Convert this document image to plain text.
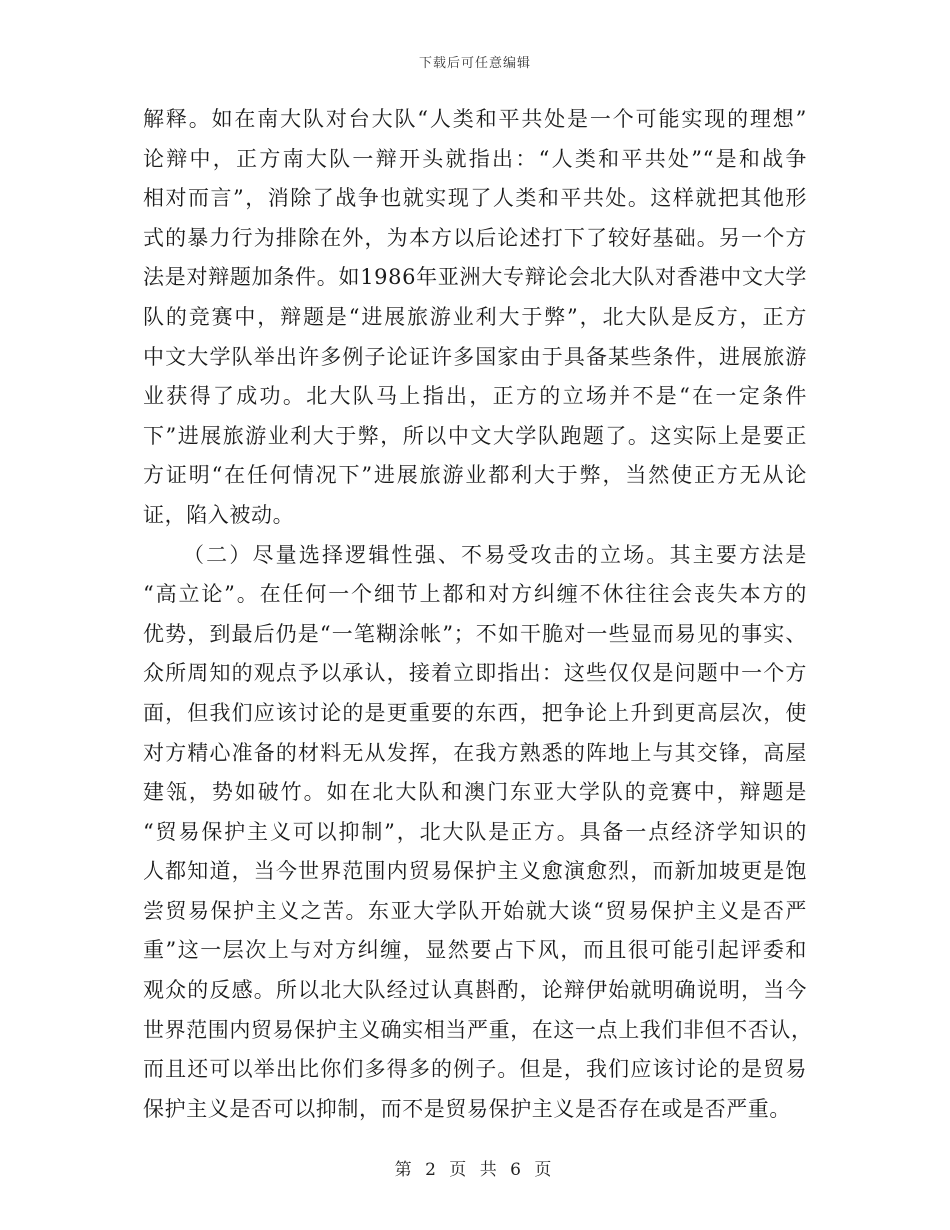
下载后可任意编辑
解释。如在南大队对台大队“人类和平共处是一个可能实现的理想”
论辩中，正方南大队一辩开头就指出：“人类和平共处”“是和战争
相对而言”，消除了战争也就实现了人类和平共处。这样就把其他形
式的暴力行为排除在外，为本方以后论述打下了较好基础。另一个方
法是对辩题加条件。如1986年亚洲大专辩论会北大队对香港中文大学
队的竞赛中，辩题是“进展旅游业利大于弊”，北大队是反方，正方
中文大学队举出许多例子论证许多国家由于具备某些条件，进展旅游
业获得了成功。北大队马上指出，正方的立场并不是“在一定条件
下”进展旅游业利大于弊，所以中文大学队跑题了。这实际上是要正
方证明“在任何情况下”进展旅游业都利大于弊，当然使正方无从论
证，陷入被动。
（二）尽量选择逻辑性强、不易受攻击的立场。其主要方法是
“高立论”。在任何一个细节上都和对方纠缠不休往往会丧失本方的
优势，到最后仍是“一笔糊涂帐”；不如干脆对一些显而易见的事实、
众所周知的观点予以承认，接着立即指出：这些仅仅是问题中一个方
面，但我们应该讨论的是更重要的东西，把争论上升到更高层次，使
对方精心准备的材料无从发挥，在我方熟悉的阵地上与其交锋，高屋
建瓴，势如破竹。如在北大队和澳门东亚大学队的竞赛中，辩题是
“贸易保护主义可以抑制”，北大队是正方。具备一点经济学知识的
人都知道，当今世界范围内贸易保护主义愈演愈烈，而新加坡更是饱
尝贸易保护主义之苦。东亚大学队开始就大谈“贸易保护主义是否严
重”这一层次上与对方纠缠，显然要占下风，而且很可能引起评委和
观众的反感。所以北大队经过认真斟酌，论辩伊始就明确说明，当今
世界范围内贸易保护主义确实相当严重，在这一点上我们非但不否认，
而且还可以举出比你们多得多的例子。但是，我们应该讨论的是贸易
保护主义是否可以抑制，而不是贸易保护主义是否存在或是否严重。
第 2 页 共 6 页
